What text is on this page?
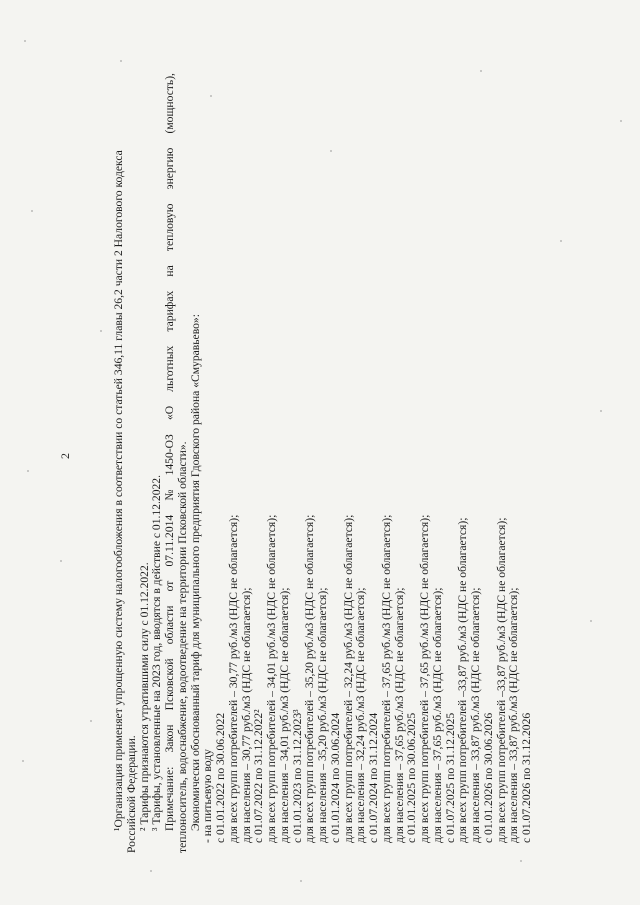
2	¹Организация применяет упрощенную систему налогообложения в соответствии со статьей 346,11 главы 26,2 части 2 Налогового кодекса Российской Федерации. ² Тарифы признаются утратившими силу с 01.12.2022. ³ Тарифы, установленные на 2023 год, вводятся в действие с 01.12.2022. Примечание:
Закон
Псковской
области
от
07.11.2014
№
1450-ОЗ
«О
льготных
тарифах
на
тепловую
энергию
(мощность),
теплоноситель, водоснабжение, водоотведение на территории Псковской области». Экономически обоснованный тариф для муниципального предприятия Гдовского района «Смуравьево»: - на питьевую воду с 01.01.2022 по 30.06.2022 для всех групп потребителей – 30,77 руб./м3 (НДС не облагается); для населения – 30,77 руб./м3 (НДС не облагается); с 01.07.2022 по 31.12.2022² для всех групп потребителей – 34,01 руб./м3 (НДС не облагается); для населения – 34,01 руб./м3 (НДС не облагается); с 01.01.2023 по 31.12.2023³ для всех групп потребителей – 35,20 руб./м3 (НДС не облагается); для населения – 35,20 руб./м3 (НДС не облагается); с 01.01.2024 по 30.06.2024 для всех групп потребителей – 32,24 руб./м3 (НДС не облагается); для населения – 32,24 руб./м3 (НДС не облагается); с 01.07.2024 по 31.12.2024 для всех групп потребителей – 37,65 руб./м3 (НДС не облагается); для населения – 37,65 руб./м3 (НДС не облагается); с 01.01.2025 по 30.06.2025 для всех групп потребителей – 37,65 руб./м3 (НДС не облагается); для населения – 37,65 руб./м3 (НДС не облагается); с 01.07.2025 по 31.12.2025 для всех групп потребителей –33,87 руб./м3 (НДС не облагается); для населения – 33,87 руб./м3 (НДС не облагается); с 01.01.2026 по 30.06.2026 для всех групп потребителей –33,87 руб./м3 (НДС не облагается); для населения – 33,87 руб./м3 (НДС не облагается); с 01.07.2026 по 31.12.2026
